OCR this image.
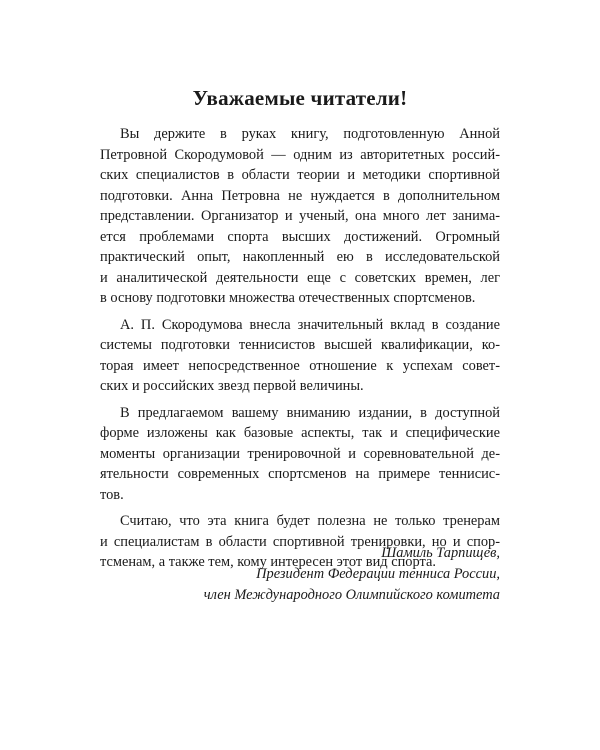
Уважаемые читатели!

Вы держите в руках книгу, подготовленную Анной
Петровной Скородумовой — одним из авторитетных россий-
ских специалистов в области теории и методики спортивной
подготовки. Анна Петровна не нуждается в дополнительном
представлении. Организатор и ученый, она много лет занима-
ется проблемами спорта высших достижений. Огромный
практический опыт, накопленный ею в исследовательской
и аналитической деятельности еще с советских времен, лег
в основу подготовки множества отечественных спортсменов.

А. П. Скородумова внесла значительный вклад в создание
системы подготовки теннисистов высшей квалификации, ко-
торая имеет непосредственное отношение к успехам совет-
ских и российских звезд первой величины.

В предлагаемом вашему вниманию издании, в доступной
форме изложены как базовые аспекты, так и специфические
моменты организации тренировочной и соревновательной де-
ятельности современных спортсменов на примере теннисис-
тов.

Считаю, что эта книга будет полезна не только тренерам
и специалистам в области спортивной тренировки, но и спор-
тсменам, а также тем, кому интересен этот вид спорта.

Шамиль Тарпищев,
Президент Федерации тенниса России,
член Международного Олимпийского комитета
